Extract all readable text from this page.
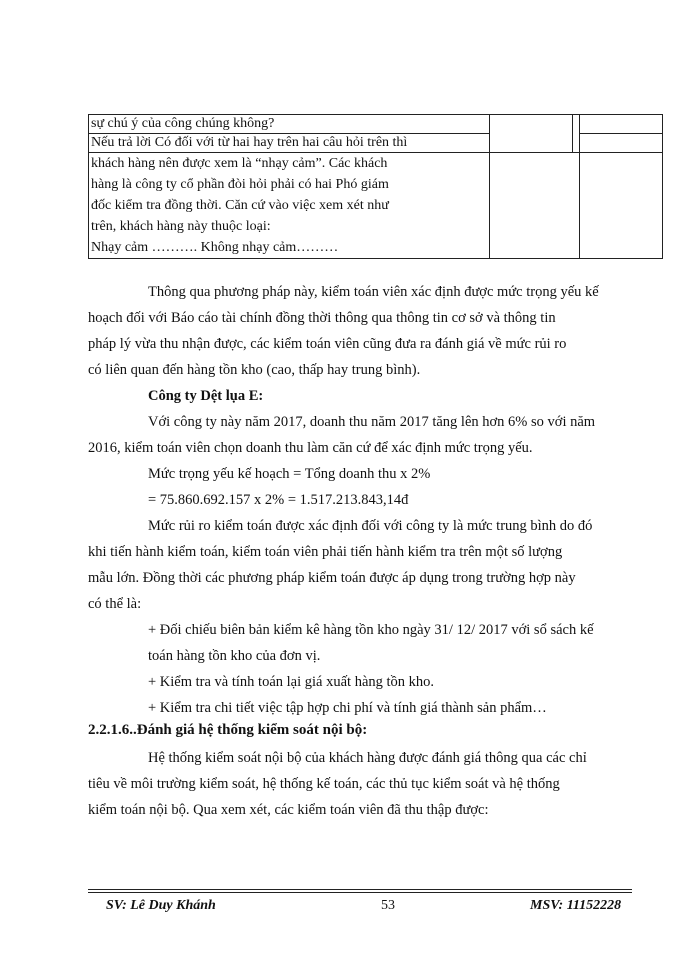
sự chú ý của công chúng không?			
Nếu trả lời Có đối với từ hai hay trên hai câu hỏi trên thì			

khách hàng nên được xem là “nhạy cảm”. Các khách
hàng là công ty cổ phần đòi hỏi phải có hai Phó giám
đốc kiểm tra đồng thời. Căn cứ vào việc xem xét như
trên, khách hàng này thuộc loại:
Nhạy cảm ………. Không nhạy cảm………			

Thông qua phương pháp này, kiểm toán viên xác định được mức trọng yếu kế
hoạch đối với Báo cáo tài chính đồng thời thông qua thông tin cơ sở và thông tin
pháp lý vừa thu nhận được, các kiểm toán viên cũng đưa ra đánh giá về mức rủi ro
có liên quan đến hàng tồn kho (cao, thấp hay trung bình).
Công ty Dệt lụa E:
Với công ty này năm 2017, doanh thu năm 2017 tăng lên hơn 6% so với năm
2016, kiểm toán viên chọn doanh thu làm căn cứ để xác định mức trọng yếu.
Mức trọng yếu kế hoạch = Tổng doanh thu x 2%
= 75.860.692.157 x 2% = 1.517.213.843,14đ
Mức rủi ro kiểm toán được xác định đối với công ty là mức trung bình do đó
khi tiến hành kiểm toán, kiểm toán viên phải tiến hành kiểm tra trên một số lượng
mẫu lớn. Đồng thời các phương pháp kiểm toán được áp dụng trong trường hợp này
có thể là:
+ Đối chiếu biên bản kiểm kê hàng tồn kho ngày 31/ 12/ 2017 với sổ sách kế
toán hàng tồn kho của đơn vị.
+ Kiểm tra và tính toán lại giá xuất hàng tồn kho.
+ Kiểm tra chi tiết việc tập hợp chi phí và tính giá thành sản phẩm…
2.2.1.6..Đánh giá hệ thống kiểm soát nội bộ:
Hệ thống kiểm soát nội bộ của khách hàng được đánh giá thông qua các chỉ
tiêu về môi trường kiểm soát, hệ thống kế toán, các thủ tục kiểm soát và hệ thống
kiểm toán nội bộ. Qua xem xét, các kiểm toán viên đã thu thập được:
SV: Lê Duy Khánh	53	MSV: 11152228
